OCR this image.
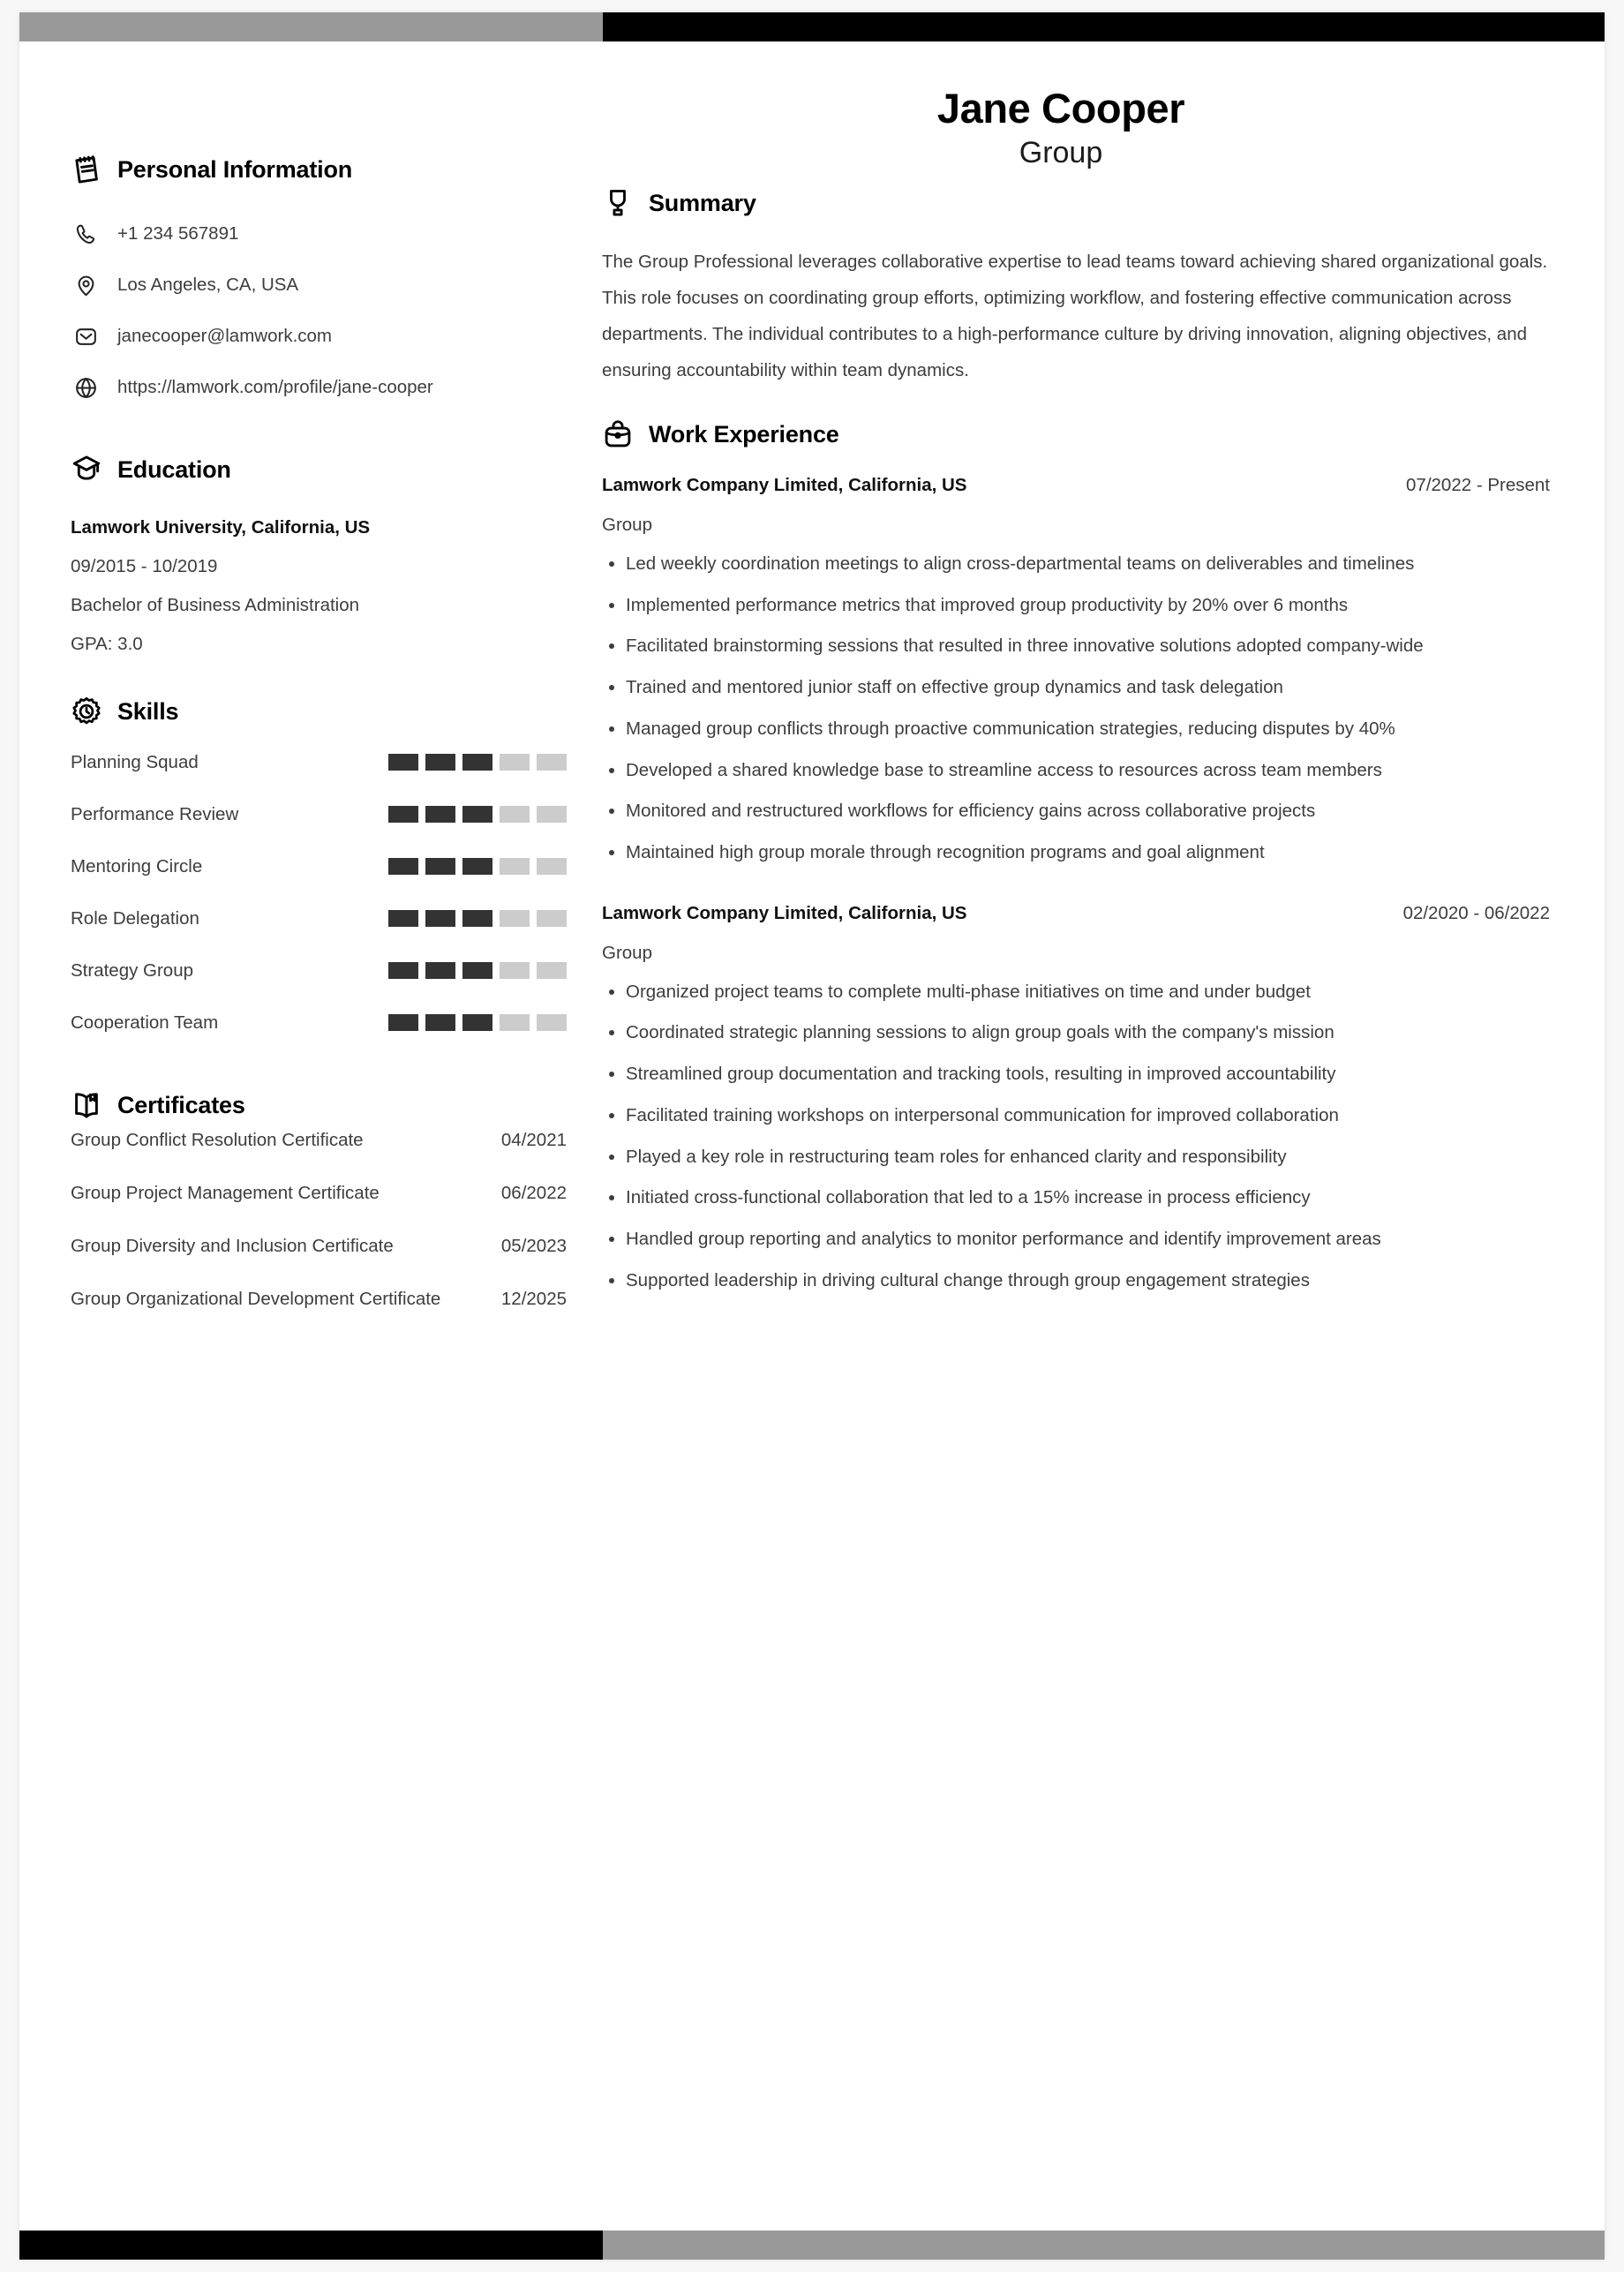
Jane Cooper
Group
Personal Information
+1 234 567891
Los Angeles, CA, USA
janecooper@lamwork.com
https://lamwork.com/profile/jane-cooper
Education
Lamwork University, California, US
09/2015 - 10/2019
Bachelor of Business Administration
GPA: 3.0
Skills
Planning Squad
Performance Review
Mentoring Circle
Role Delegation
Strategy Group
Cooperation Team
Certificates
Group Conflict Resolution Certificate	04/2021
Group Project Management Certificate	06/2022
Group Diversity and Inclusion Certificate	05/2023
Group Organizational Development Certificate	12/2025
Summary
The Group Professional leverages collaborative expertise to lead teams toward achieving shared organizational goals. This role focuses on coordinating group efforts, optimizing workflow, and fostering effective communication across departments. The individual contributes to a high-performance culture by driving innovation, aligning objectives, and ensuring accountability within team dynamics.
Work Experience
Lamwork Company Limited, California, US	07/2022 - Present
Group
Led weekly coordination meetings to align cross-departmental teams on deliverables and timelines
Implemented performance metrics that improved group productivity by 20% over 6 months
Facilitated brainstorming sessions that resulted in three innovative solutions adopted company-wide
Trained and mentored junior staff on effective group dynamics and task delegation
Managed group conflicts through proactive communication strategies, reducing disputes by 40%
Developed a shared knowledge base to streamline access to resources across team members
Monitored and restructured workflows for efficiency gains across collaborative projects
Maintained high group morale through recognition programs and goal alignment
Lamwork Company Limited, California, US	02/2020 - 06/2022
Group
Organized project teams to complete multi-phase initiatives on time and under budget
Coordinated strategic planning sessions to align group goals with the company's mission
Streamlined group documentation and tracking tools, resulting in improved accountability
Facilitated training workshops on interpersonal communication for improved collaboration
Played a key role in restructuring team roles for enhanced clarity and responsibility
Initiated cross-functional collaboration that led to a 15% increase in process efficiency
Handled group reporting and analytics to monitor performance and identify improvement areas
Supported leadership in driving cultural change through group engagement strategies
